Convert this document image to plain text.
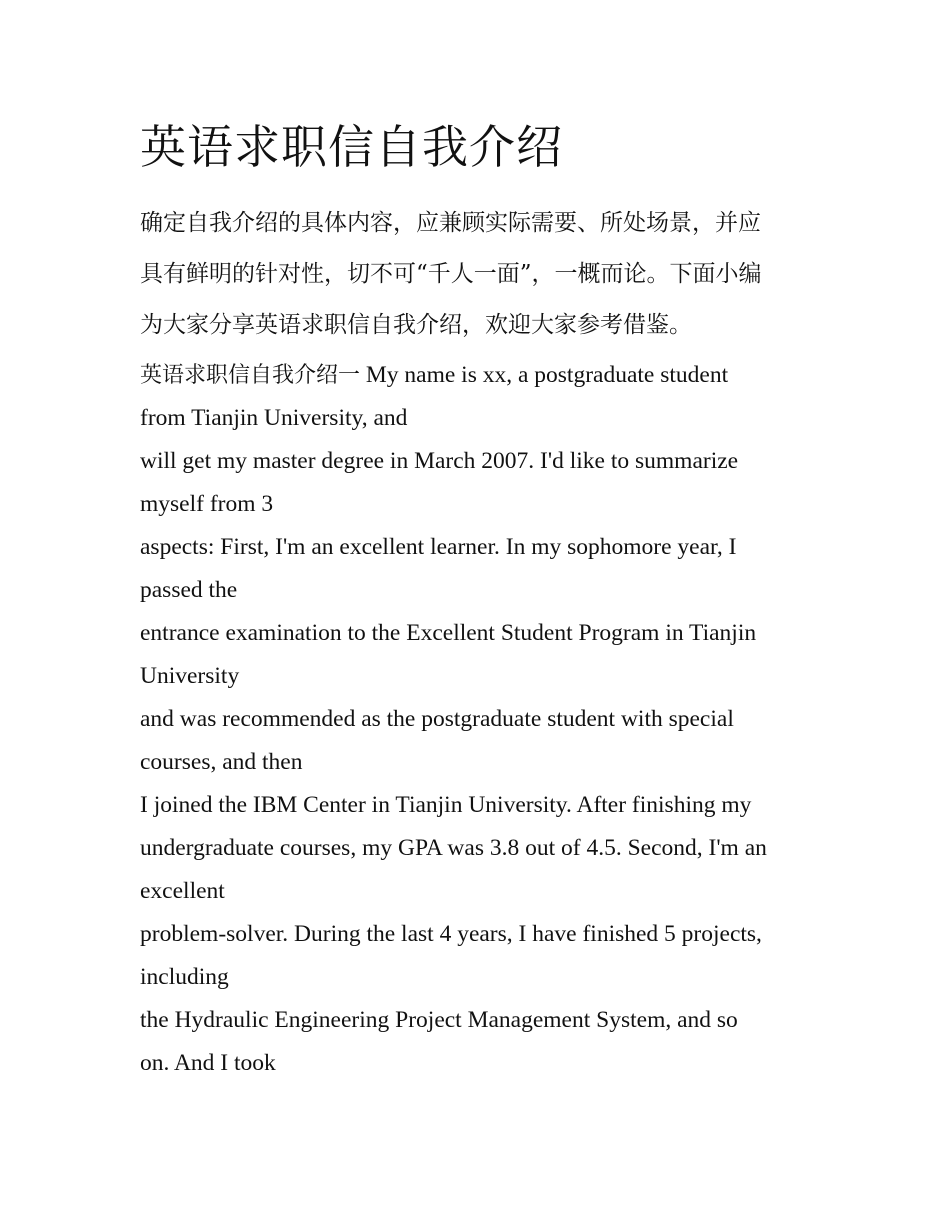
英语求职信自我介绍
确定自我介绍的具体内容，应兼顾实际需要、所处场景，并应
具有鲜明的针对性，切不可“千人一面”，一概而论。下面小编
为大家分享英语求职信自我介绍，欢迎大家参考借鉴。
英语求职信自我介绍一 My name is xx, a postgraduate student
from Tianjin University, and
will get my master degree in March 2007. I'd like to summarize
myself from 3
aspects: First, I'm an excellent learner. In my sophomore year, I
passed the
entrance examination to the Excellent Student Program in Tianjin
University
and was recommended as the postgraduate student with special
courses, and then
I joined the IBM Center in Tianjin University. After finishing my
undergraduate courses, my GPA was 3.8 out of 4.5. Second, I'm an
excellent
problem-solver. During the last 4 years, I have finished 5 projects,
including
the Hydraulic Engineering Project Management System, and so
on. And I took
